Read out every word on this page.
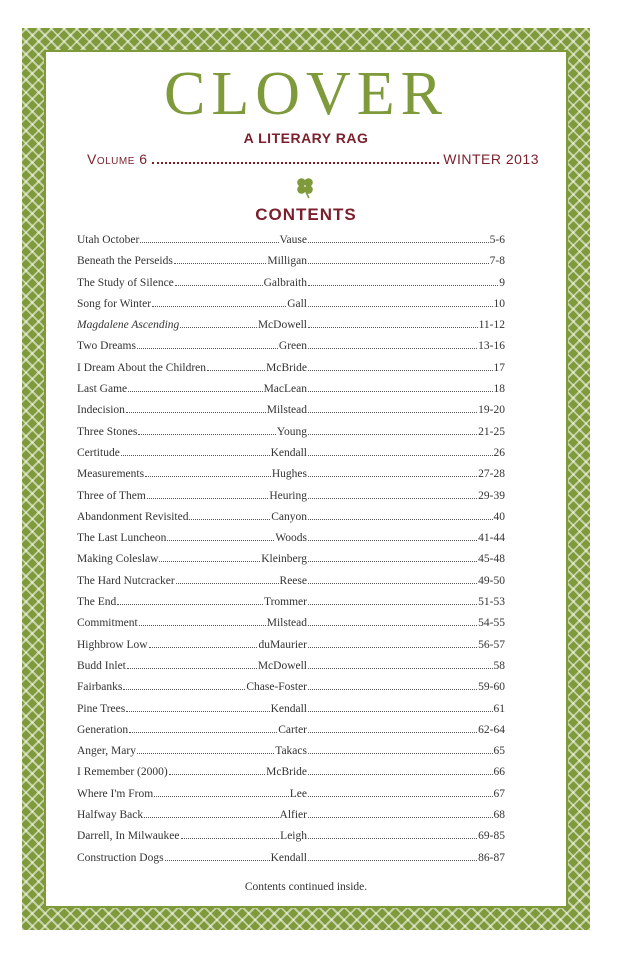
CLOVER
A LITERARY RAG
Volume 6	WINTER 2013
CONTENTS
Utah October	Vause	5-6
Beneath the Perseids	Milligan	7-8
The Study of Silence	Galbraith	9
Song for Winter	Gall	10
Magdalene Ascending	McDowell	11-12
Two Dreams	Green	13-16
I Dream About the Children	McBride	17
Last Game	MacLean	18
Indecision	Milstead	19-20
Three Stones	Young	21-25
Certitude	Kendall	26
Measurements	Hughes	27-28
Three of Them	Heuring	29-39
Abandonment Revisited	Canyon	40
The Last Luncheon	Woods	41-44
Making Coleslaw	Kleinberg	45-48
The Hard Nutcracker	Reese	49-50
The End	Trommer	51-53
Commitment	Milstead	54-55
Highbrow Low	duMaurier	56-57
Budd Inlet	McDowell	58
Fairbanks	Chase-Foster	59-60
Pine Trees	Kendall	61
Generation	Carter	62-64
Anger, Mary	Takacs	65
I Remember (2000)	McBride	66
Where I'm From	Lee	67
Halfway Back	Alfier	68
Darrell, In Milwaukee	Leigh	69-85
Construction Dogs	Kendall	86-87
Contents continued inside.
